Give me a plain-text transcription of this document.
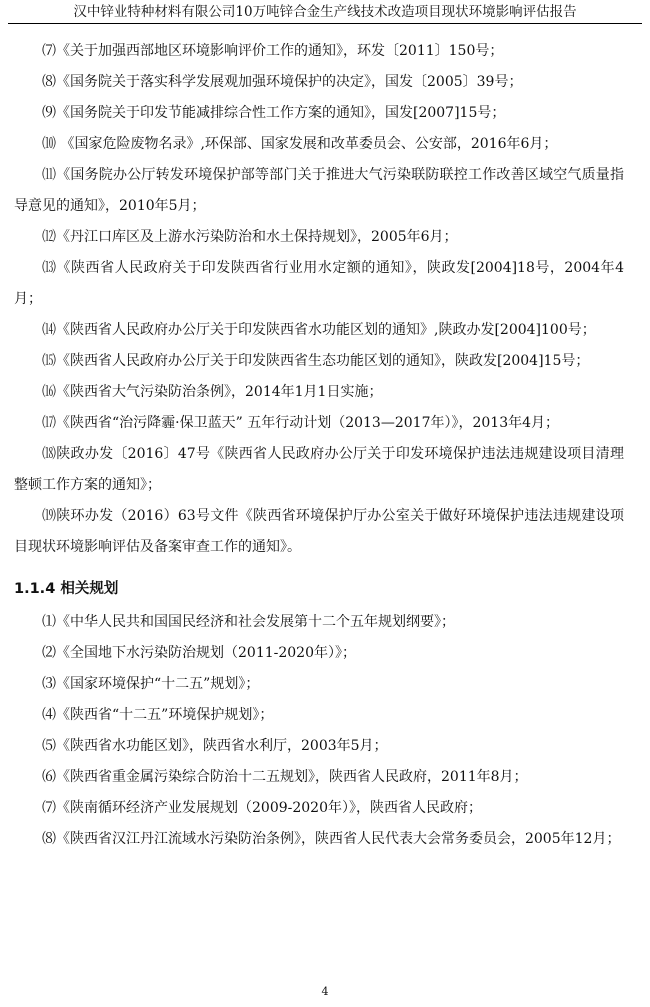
汉中锌业特种材料有限公司10万吨锌合金生产线技术改造项目现状环境影响评估报告

⑺《关于加强西部地区环境影响评价工作的通知》，环发〔2011〕150号；

⑻《国务院关于落实科学发展观加强环境保护的决定》，国发〔2005〕39号；

⑼《国务院关于印发节能减排综合性工作方案的通知》，国发[2007]15号；

⑽ 《国家危险废物名录》,环保部、国家发展和改革委员会、公安部，2016年6月；

⑾《国务院办公厅转发环境保护部等部门关于推进大气污染联防联控工作改善区域空气质量指导意见的通知》，2010年5月；

⑿《丹江口库区及上游水污染防治和水土保持规划》，2005年6月；

⒀《陕西省人民政府关于印发陕西省行业用水定额的通知》，陕政发[2004]18号，2004年4月；

⒁《陕西省人民政府办公厅关于印发陕西省水功能区划的通知》,陕政办发[2004]100号；

⒂《陕西省人民政府办公厅关于印发陕西省生态功能区划的通知》，陕政发[2004]15号；

⒃《陕西省大气污染防治条例》，2014年1月1日实施；

⒄《陕西省“治污降霾·保卫蓝天” 五年行动计划（2013—2017年）》，2013年4月；

⒅陕政办发〔2016〕47号《陕西省人民政府办公厅关于印发环境保护违法违规建设项目清理整顿工作方案的通知》；

⒆陕环办发（2016）63号文件《陕西省环境保护厅办公室关于做好环境保护违法违规建设项目现状环境影响评估及备案审查工作的通知》。

1.1.4 相关规划

⑴《中华人民共和国国民经济和社会发展第十二个五年规划纲要》；

⑵《全国地下水污染防治规划（2011-2020年）》；

⑶《国家环境保护“十二五”规划》；

⑷《陕西省“十二五”环境保护规划》；

⑸《陕西省水功能区划》，陕西省水利厅，2003年5月；

⑹《陕西省重金属污染综合防治十二五规划》，陕西省人民政府，2011年8月；

⑺《陕南循环经济产业发展规划（2009-2020年）》，陕西省人民政府；

⑻《陕西省汉江丹江流域水污染防治条例》，陕西省人民代表大会常务委员会，2005年12月；

4
